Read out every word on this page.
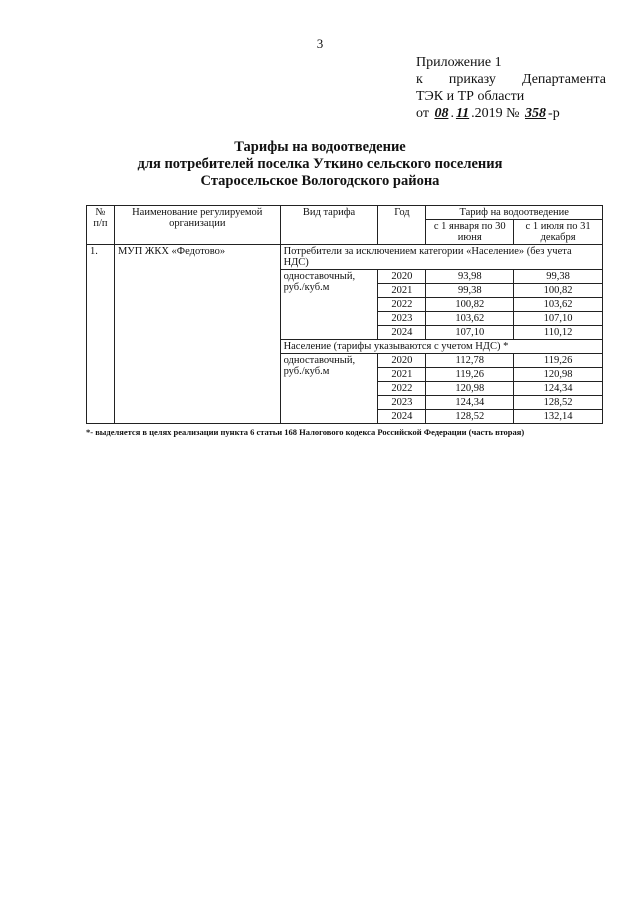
3
Приложение 1
к приказу Департамента
ТЭК и ТР области
от 08 . 11 .2019 № 358 -р
Тарифы на водоотведение
для потребителей поселка Уткино сельского поселения
Старосельское Вологодского района
№ п/п	Наименование регулируемой организации	Вид тарифа	Год	Тариф на водоотведение	
				с 1 января по 30 июня	с 1 июля по 31 декабря
1.	МУП ЖКХ «Федотово»	Потребители за исключением категории «Население» (без учета НДС)			
		одноставочный, руб./куб.м	2020	93,98	99,38
			2021	99,38	100,82
			2022	100,82	103,62
			2023	103,62	107,10
			2024	107,10	110,12
		Население (тарифы указываются с учетом НДС) *			
		одноставочный, руб./куб.м	2020	112,78	119,26
			2021	119,26	120,98
			2022	120,98	124,34
			2023	124,34	128,52
			2024	128,52	132,14
*- выделяется в целях реализации пункта 6 статьи 168 Налогового кодекса Российской Федерации (часть вторая)
